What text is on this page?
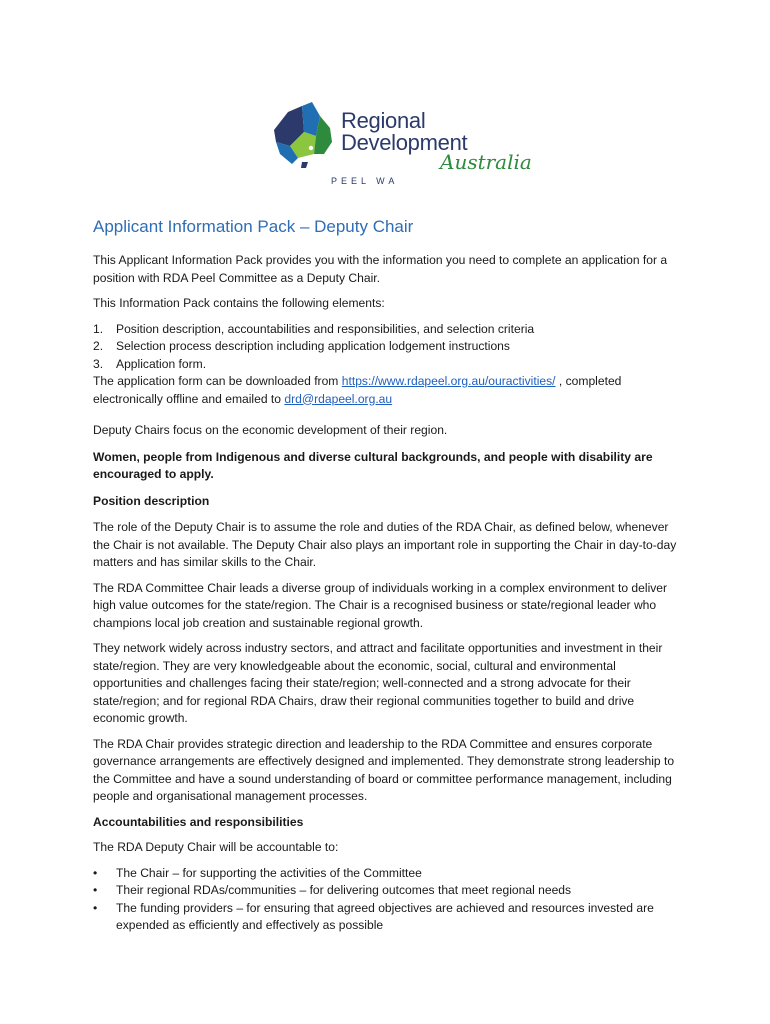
Regional
Development
Australia
PEEL WA
Applicant Information Pack – Deputy Chair

This Applicant Information Pack provides you with the information you need to complete an application for a position with RDA Peel Committee as a Deputy Chair.

This Information Pack contains the following elements:

1. Position description, accountabilities and responsibilities, and selection criteria
2. Selection process description including application lodgement instructions
3. Application form.

The application form can be downloaded from https://www.rdapeel.org.au/ouractivities/ , completed electronically offline and emailed to drd@rdapeel.org.au

Deputy Chairs focus on the economic development of their region.

Women, people from Indigenous and diverse cultural backgrounds, and people with disability are encouraged to apply.

Position description

The role of the Deputy Chair is to assume the role and duties of the RDA Chair, as defined below, whenever the Chair is not available. The Deputy Chair also plays an important role in supporting the Chair in day-to-day matters and has similar skills to the Chair.

The RDA Committee Chair leads a diverse group of individuals working in a complex environment to deliver high value outcomes for the state/region. The Chair is a recognised business or state/regional leader who champions local job creation and sustainable regional growth.

They network widely across industry sectors, and attract and facilitate opportunities and investment in their state/region. They are very knowledgeable about the economic, social, cultural and environmental opportunities and challenges facing their state/region; well-connected and a strong advocate for their state/region; and for regional RDA Chairs, draw their regional communities together to build and drive economic growth.

The RDA Chair provides strategic direction and leadership to the RDA Committee and ensures corporate governance arrangements are effectively designed and implemented. They demonstrate strong leadership to the Committee and have a sound understanding of board or committee performance management, including people and organisational management processes.

Accountabilities and responsibilities

The RDA Deputy Chair will be accountable to:

• The Chair – for supporting the activities of the Committee
• Their regional RDAs/communities – for delivering outcomes that meet regional needs
• The funding providers – for ensuring that agreed objectives are achieved and resources invested are expended as efficiently and effectively as possible
